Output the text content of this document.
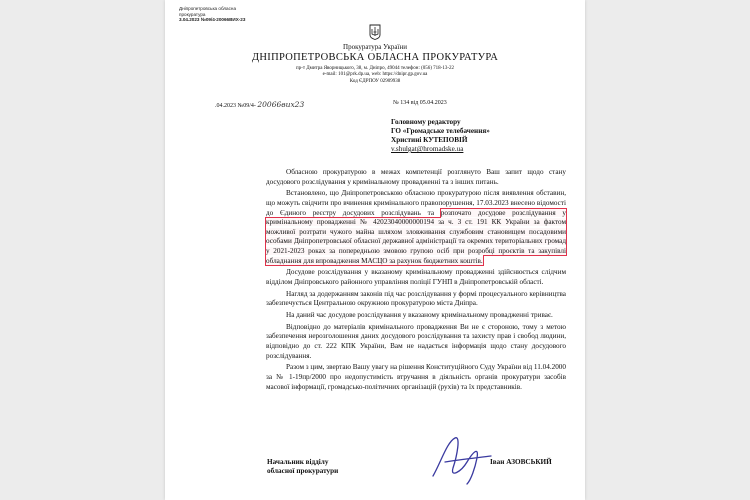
Дніпропетровська обласна
прокуратура
3.04.2023 №09/4-20066ВИХ-23
Прокуратура України
ДНІПРОПЕТРОВСЬКА ОБЛАСНА ПРОКУРАТУРА
пр-т Дмитра Яворницького, 38, м. Дніпро, 49044 телефон: (056) 718-13-22
e-mail: 101@prk.dp.ua, web: https://dnipr.gp.gov.ua
Код ЄДРПОУ 02909938
.04.2023 №09/4- 20066вих23	№ 134 від 05.04.2023
Головному редактору
ГО «Громадське телебачення»
Христині КУТЕПОВІЙ
v.shulgat@hromadske.ua

Обласною прокуратурою в межах компетенції розглянуто Ваш запит щодо стану досудового розслідування у кримінальному провадженні та з інших питань.

Встановлено, що Дніпропетровською обласною прокуратурою після виявлення обставин, що можуть свідчити про вчинення кримінального правопорушення, 17.03.2023 внесено відомості до Єдиного реєстру досудових розслідувань та розпочато досудове розслідування у кримінальному провадженні № 42023040000000194 за ч. 3 ст. 191 КК України за фактом можливої розтрати чужого майна шляхом зловживання службовим становищем посадовими особами Дніпропетровської обласної державної адміністрації та окремих територіальних громад у 2021-2023 роках за попередньою змовою групою осіб при розробці проєктів та закупівлі обладнання для впровадження МАСЦО за рахунок бюджетних коштів.

Досудове розслідування у вказаному кримінальному провадженні здійснюється слідчим відділом Дніпровського районного управління поліції ГУНП в Дніпропетровській області.

Нагляд за додержанням законів під час розслідування у формі процесуального керівництва забезпечується Центральною окружною прокуратурою міста Дніпра.

На даний час досудове розслідування у вказаному кримінальному провадженні триває.

Відповідно до матеріалів кримінального провадження Ви не є стороною, тому з метою забезпечення нерозголошення даних досудового розслідування та захисту прав і свобод людини, відповідно до ст. 222 КПК України, Вам не надається інформація щодо стану досудового розслідування.

Разом з цим, звертаю Вашу увагу на рішення Конституційного Суду України від 11.04.2000 за № 1-19пр/2000 про недопустимість втручання в діяльність органів прокуратури засобів масової інформації, громадсько-політичних організацій (рухів) та їх представників.

Начальник відділу
обласної прокуратури
Іван АЗОВСЬКИЙ
